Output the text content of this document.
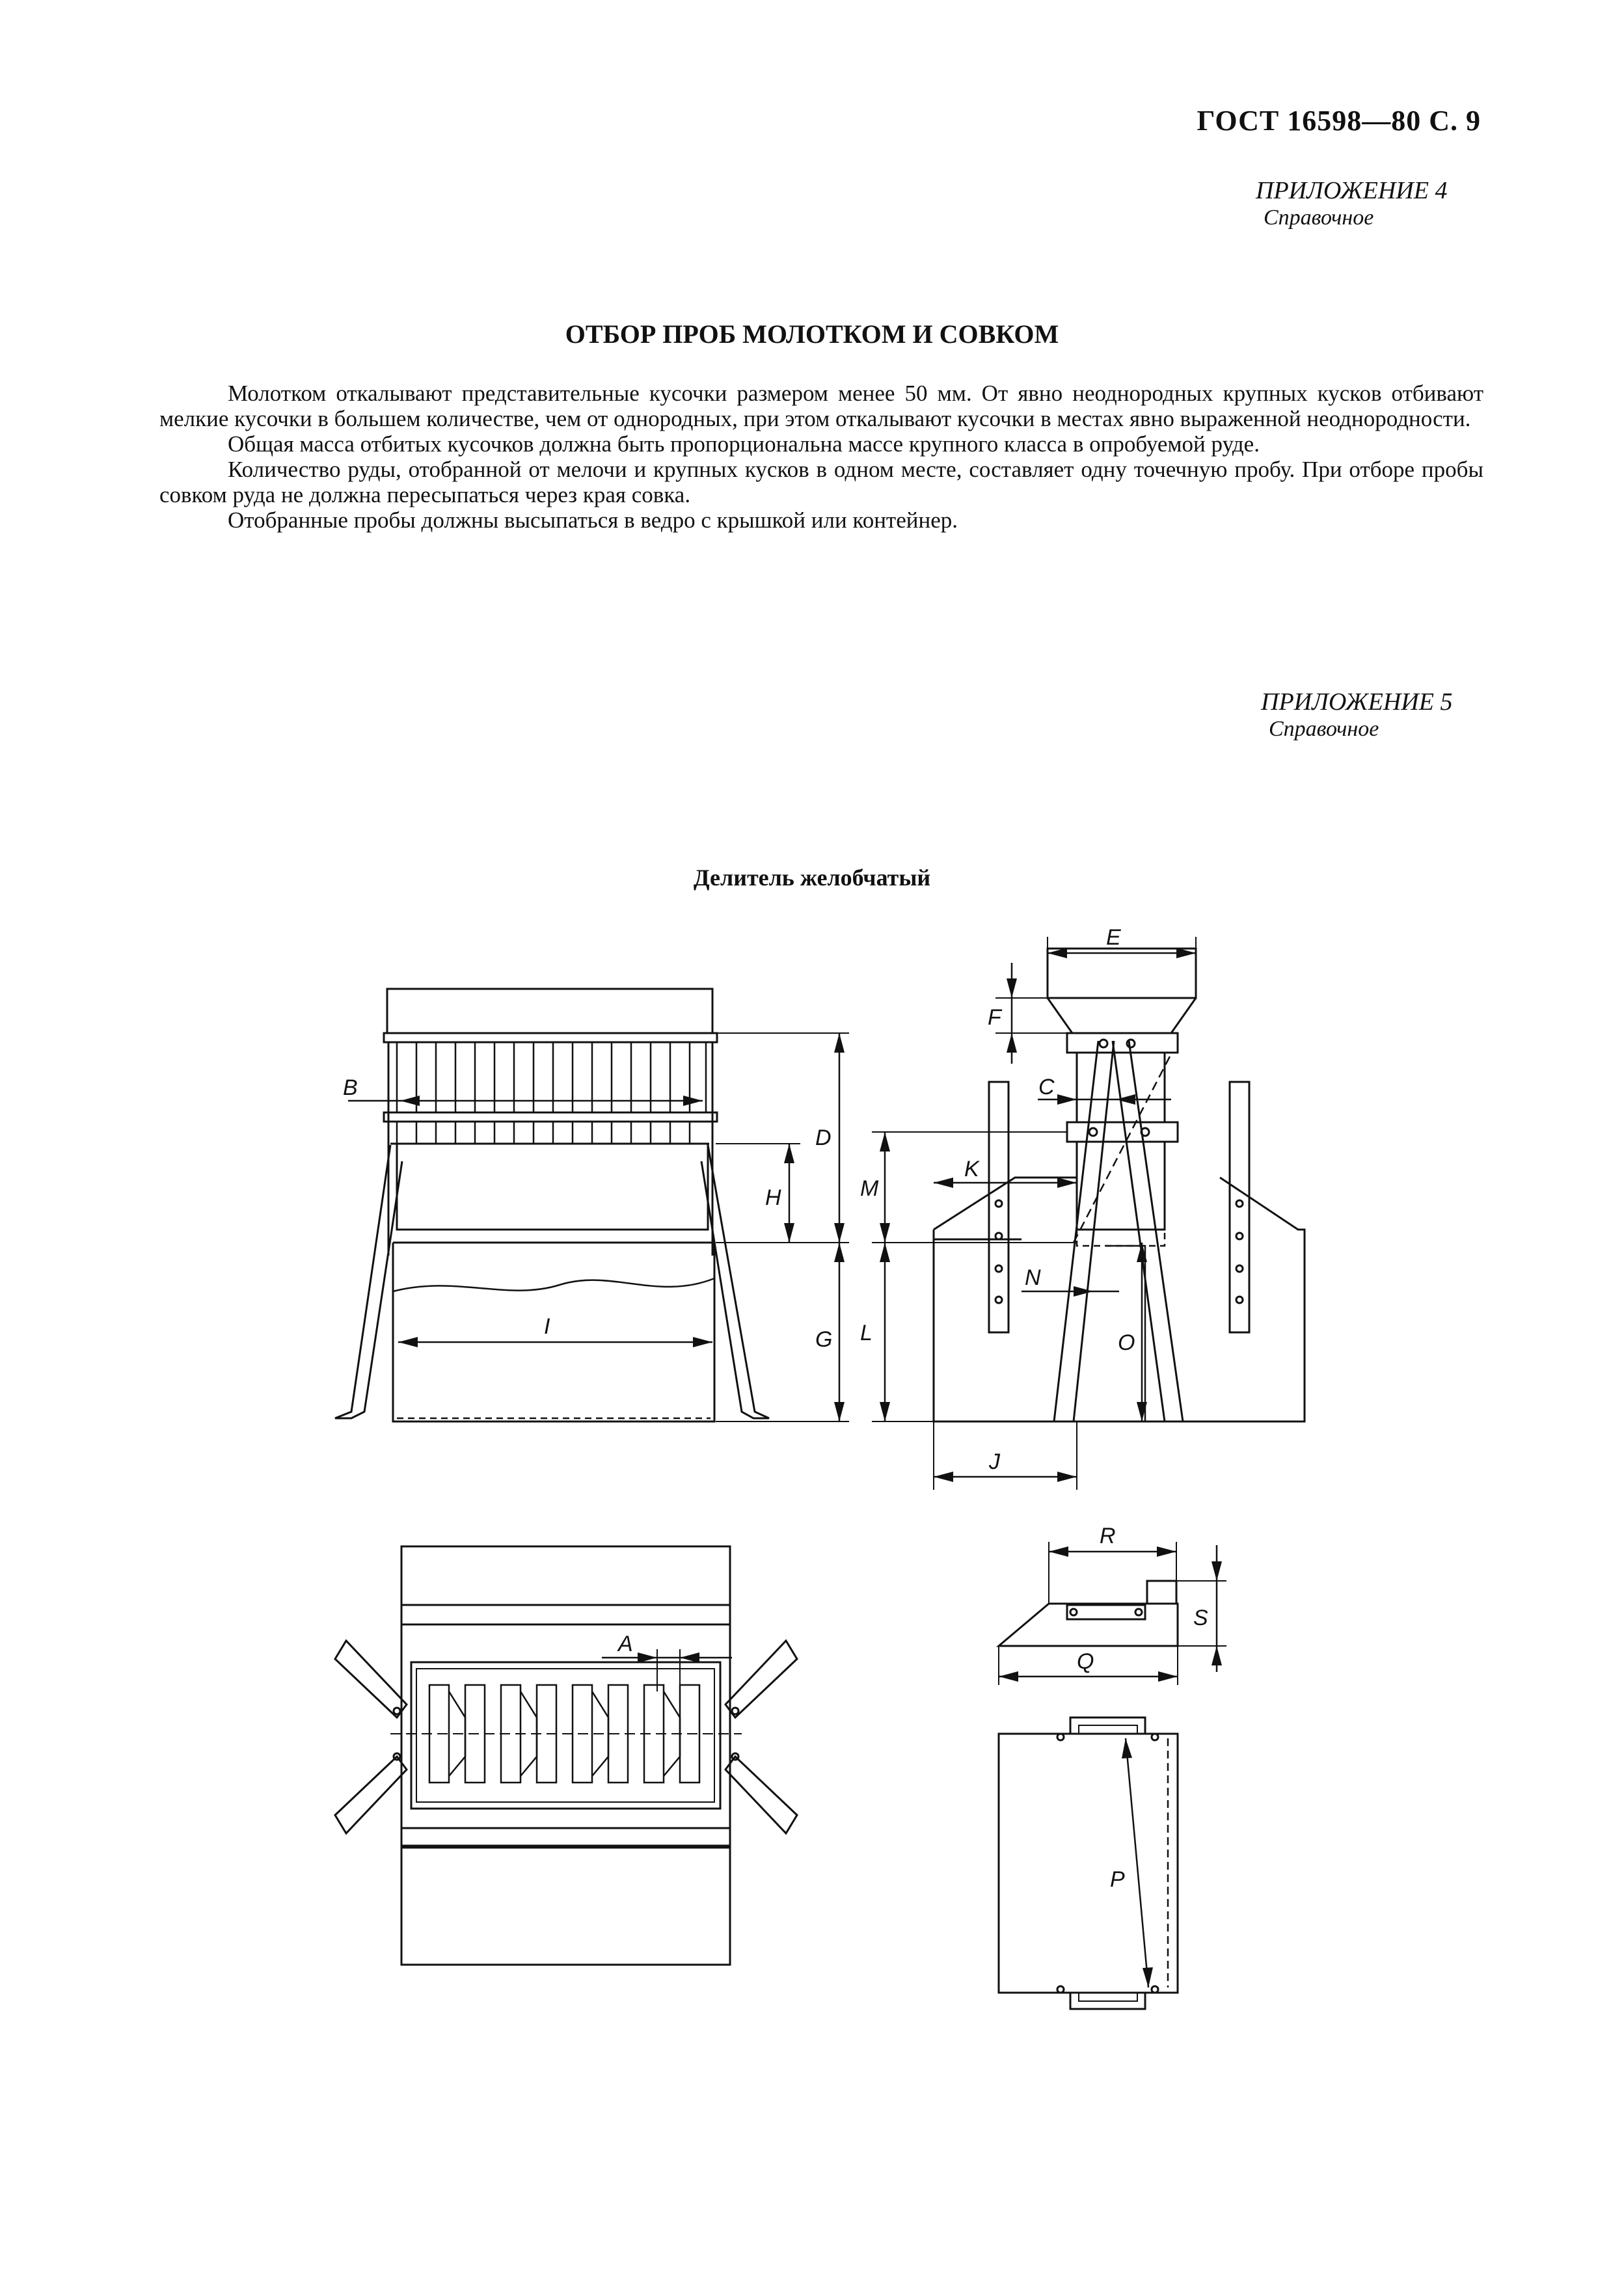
ГОСТ 16598—80 С. 9
ПРИЛОЖЕНИЕ 4
Справочное
ОТБОР ПРОБ МОЛОТКОМ И СОВКОМ

Молотком откалывают представительные кусочки размером менее 50 мм. От явно неоднородных крупных кусков отбивают мелкие кусочки в большем количестве, чем от однородных, при этом откалывают кусочки в местах явно выраженной неоднородности.

Общая масса отбитых кусочков должна быть пропорциональна массе крупного класса в опробуемой руде.

Количество руды, отобранной от мелочи и крупных кусков в одном месте, составляет одну точечную пробу. При отборе пробы совком руда не должна пересыпаться через края совка.

Отобранные пробы должны высыпаться в ведро с крышкой или контейнер.

ПРИЛОЖЕНИЕ 5
Справочное
Делитель желобчатый
B
I
D
G
H
E
F
C
K
N
M
L	O
J
A
R
S
Q
P
